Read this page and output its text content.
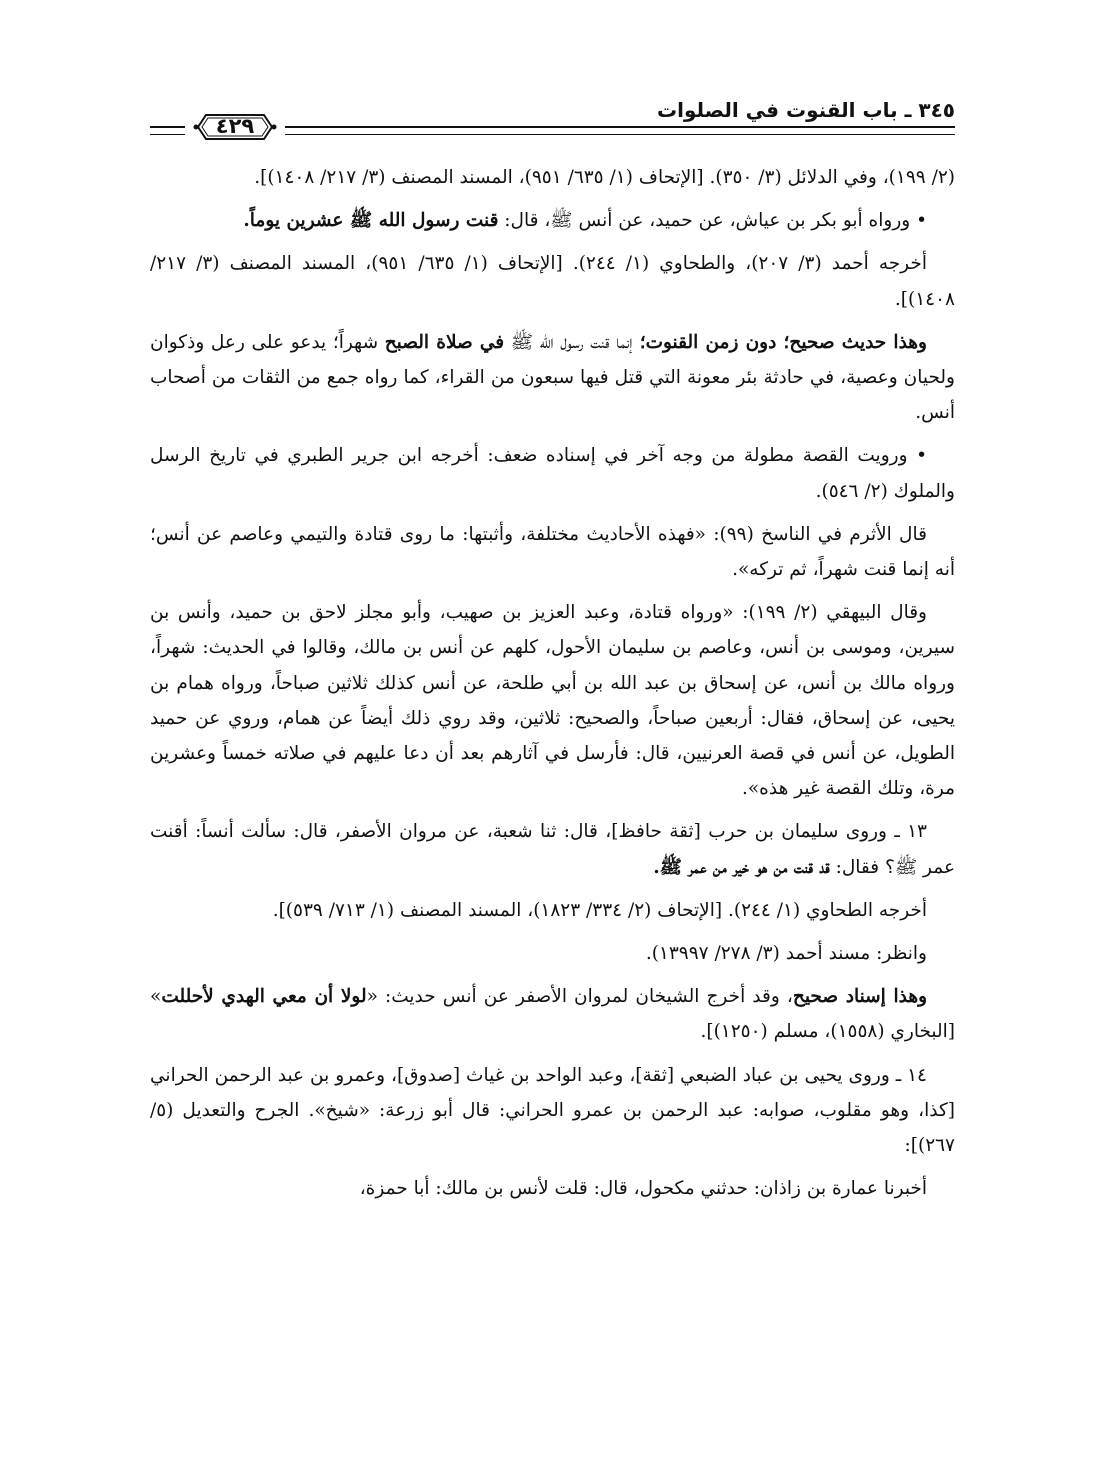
٣٤٥ ـ باب القنوت في الصلوات
٤٢٩

(٢/ ١٩٩)، وفي الدلائل (٣/ ٣٥٠). [الإتحاف (١/ ٦٣٥/ ٩٥١)، المسند المصنف (٣/ ٢١٧/ ١٤٠٨)].

• ورواه أبو بكر بن عياش، عن حميد، عن أنس ﷺ، قال: قنت رسول الله ﷺ عشرين يوماً.

أخرجه أحمد (٣/ ٢٠٧)، والطحاوي (١/ ٢٤٤). [الإتحاف (١/ ٦٣٥/ ٩٥١)، المسند المصنف (٣/ ٢١٧/ ١٤٠٨)].

وهذا حديث صحيح؛ دون زمن القنوت؛ إنما قنت رسول الله ﷺ في صلاة الصبح شهراً؛ يدعو على رعل وذكوان ولحيان وعصية، في حادثة بئر معونة التي قتل فيها سبعون من القراء، كما رواه جمع من الثقات من أصحاب أنس.

• ورويت القصة مطولة من وجه آخر في إسناده ضعف: أخرجه ابن جرير الطبري في تاريخ الرسل والملوك (٢/ ٥٤٦).

قال الأثرم في الناسخ (٩٩): «فهذه الأحاديث مختلفة، وأثبتها: ما روى قتادة والتيمي وعاصم عن أنس؛ أنه إنما قنت شهراً، ثم تركه».

وقال البيهقي (٢/ ١٩٩): «ورواه قتادة، وعبد العزيز بن صهيب، وأبو مجلز لاحق بن حميد، وأنس بن سيرين، وموسى بن أنس، وعاصم بن سليمان الأحول، كلهم عن أنس بن مالك، وقالوا في الحديث: شهراً، ورواه مالك بن أنس، عن إسحاق بن عبد الله بن أبي طلحة، عن أنس كذلك ثلاثين صباحاً، ورواه همام بن يحيى، عن إسحاق، فقال: أربعين صباحاً، والصحيح: ثلاثين، وقد روي ذلك أيضاً عن همام، وروي عن حميد الطويل، عن أنس في قصة العرنيين، قال: فأرسل في آثارهم بعد أن دعا عليهم في صلاته خمساً وعشرين مرة، وتلك القصة غير هذه».

١٣ ـ وروى سليمان بن حرب [ثقة حافظ]، قال: ثنا شعبة، عن مروان الأصفر، قال: سألت أنساً: أقنت عمر ﷺ؟ فقال: قد قنت من هو خير من عمر ﷺ.

أخرجه الطحاوي (١/ ٢٤٤). [الإتحاف (٢/ ٣٣٤/ ١٨٢٣)، المسند المصنف (١/ ٧١٣/ ٥٣٩)].

وانظر: مسند أحمد (٣/ ٢٧٨/ ١٣٩٩٧).

وهذا إسناد صحيح، وقد أخرج الشيخان لمروان الأصفر عن أنس حديث: «لولا أن معي الهدي لأحللت» [البخاري (١٥٥٨)، مسلم (١٢٥٠)].

١٤ ـ وروى يحيى بن عباد الضبعي [ثقة]، وعبد الواحد بن غياث [صدوق]، وعمرو بن عبد الرحمن الحراني [كذا، وهو مقلوب، صوابه: عبد الرحمن بن عمرو الحراني: قال أبو زرعة: «شيخ». الجرح والتعديل (٥/ ٢٦٧)]:

أخبرنا عمارة بن زاذان: حدثني مكحول، قال: قلت لأنس بن مالك: أبا حمزة،
